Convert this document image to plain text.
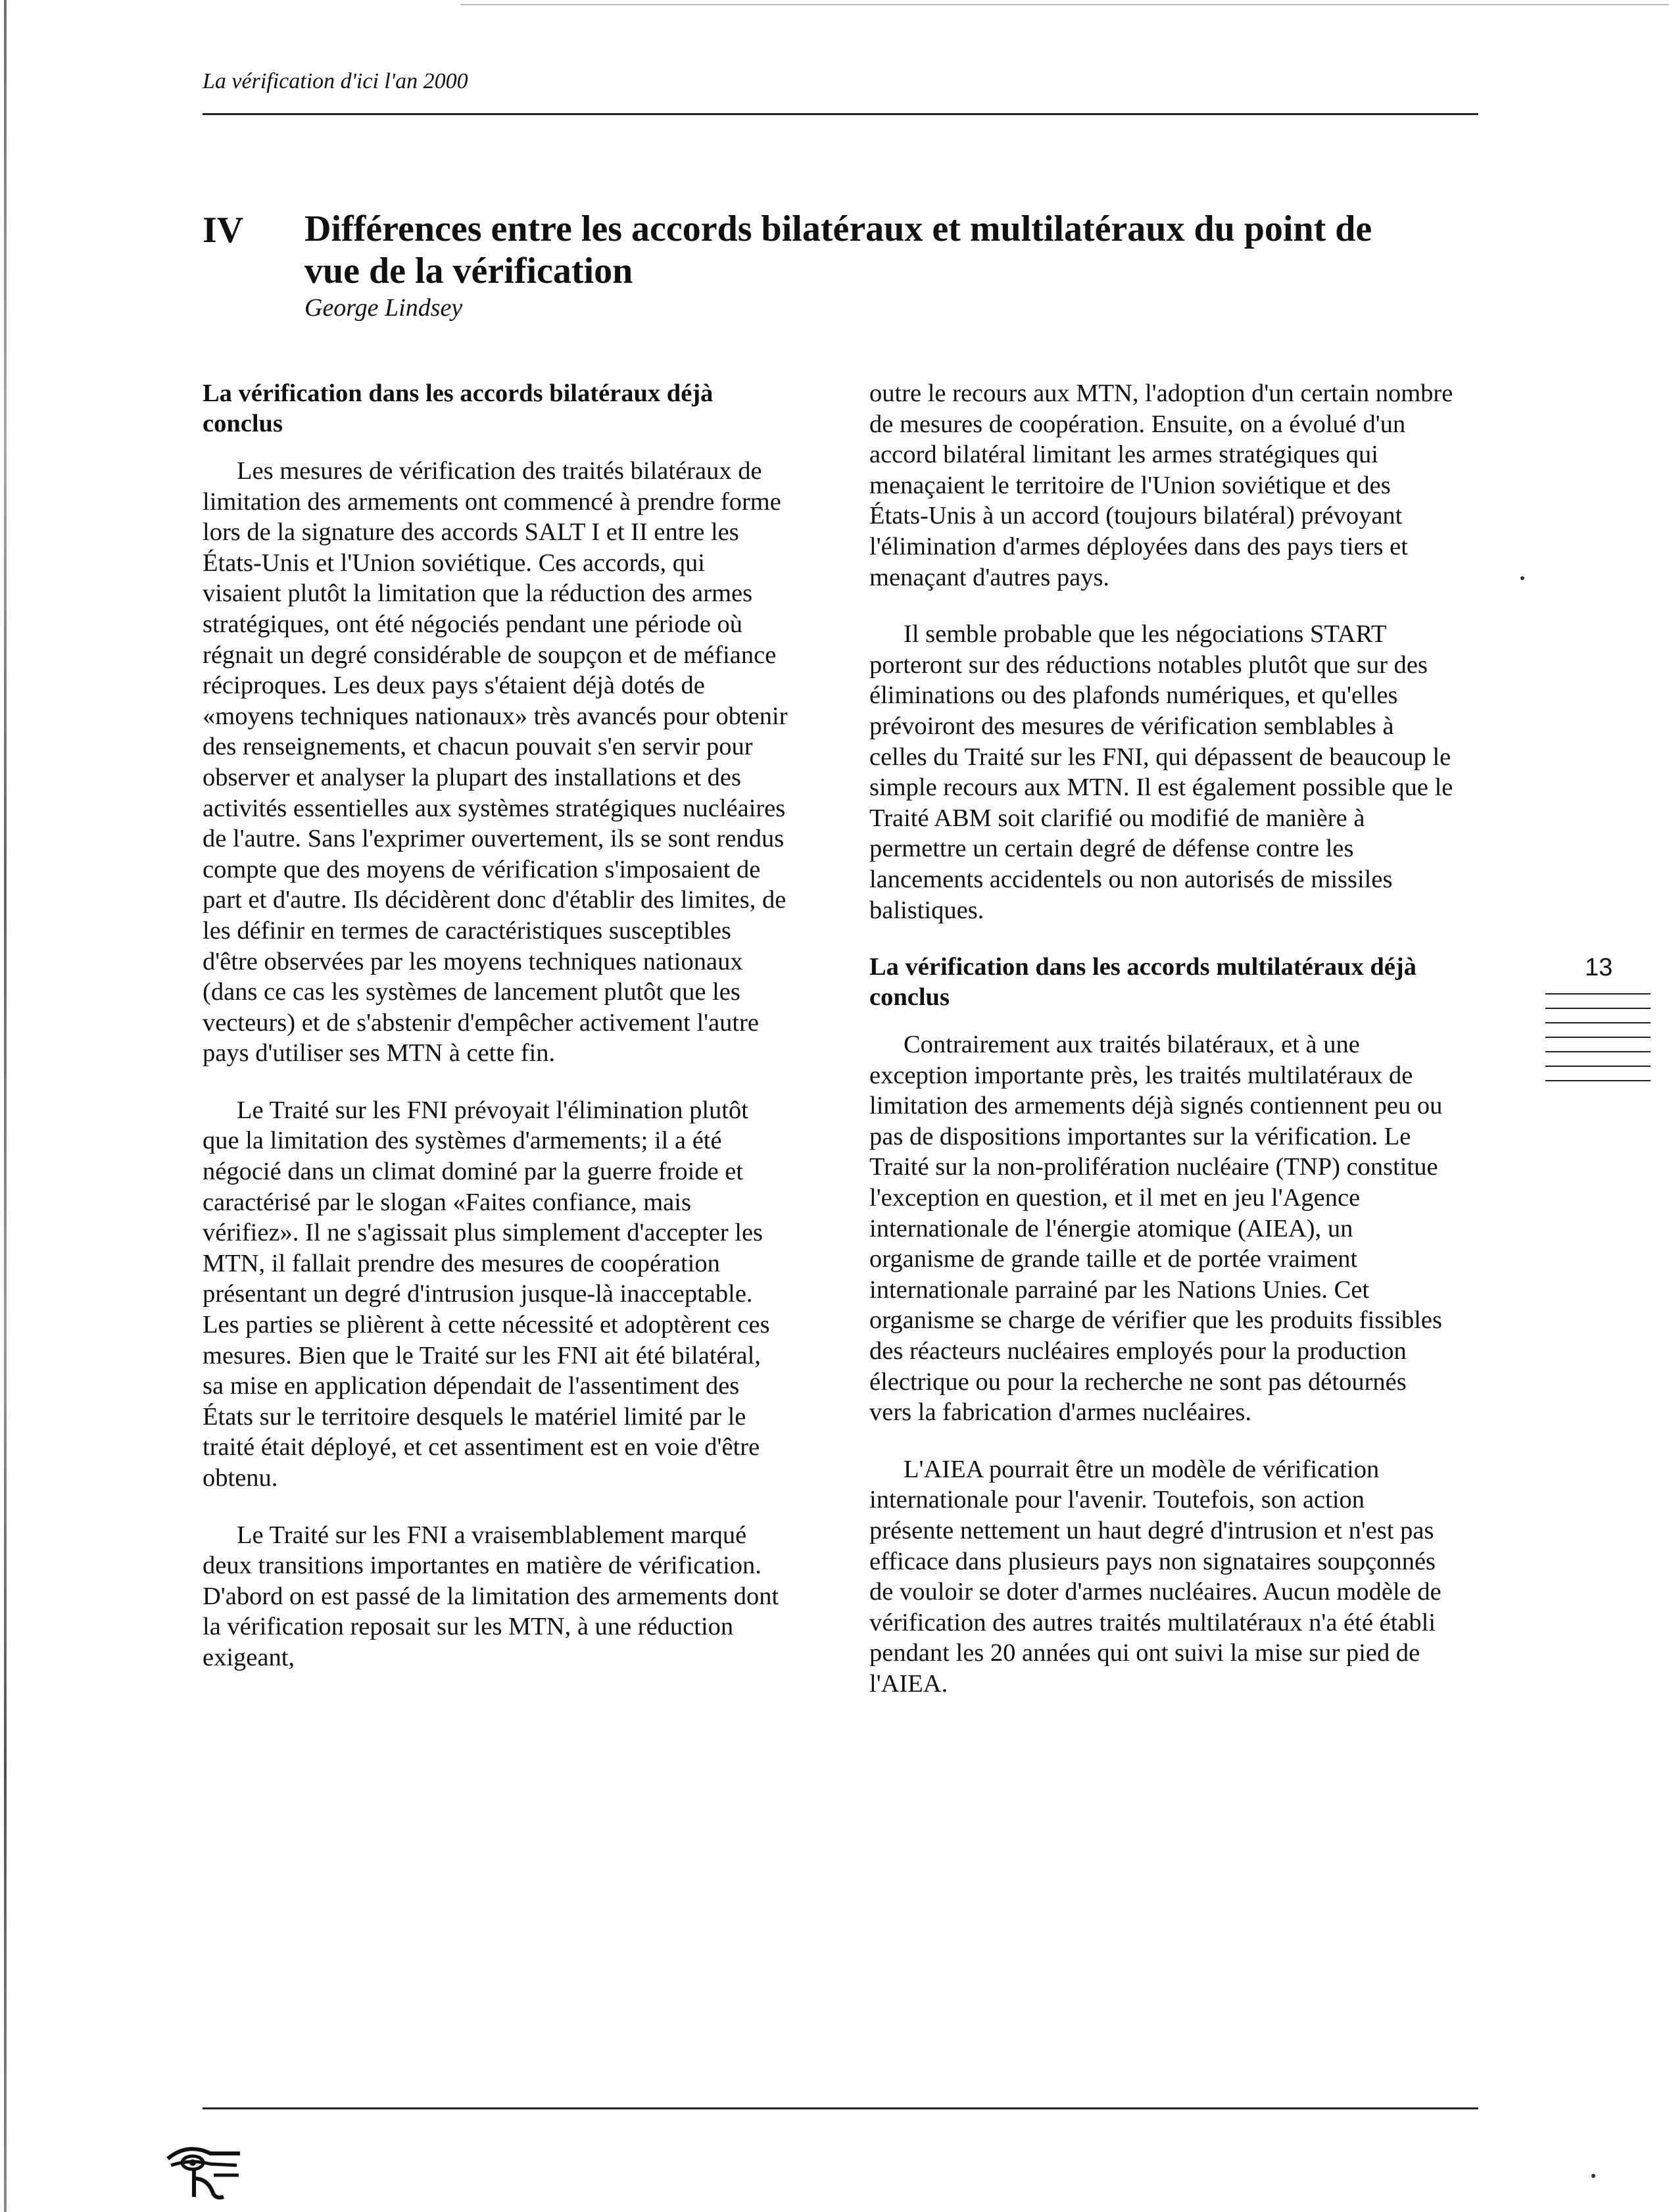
La vérification d'ici l'an 2000
IV Différences entre les accords bilatéraux et multilatéraux du point de vue de la vérification
George Lindsey
La vérification dans les accords bilatéraux déjà conclus

Les mesures de vérification des traités bilatéraux de limitation des armements ont commencé à prendre forme lors de la signature des accords SALT I et II entre les États-Unis et l'Union soviétique. Ces accords, qui visaient plutôt la limitation que la réduction des armes stratégiques, ont été négociés pendant une période où régnait un degré considérable de soupçon et de méfiance réciproques. Les deux pays s'étaient déjà dotés de «moyens techniques nationaux» très avancés pour obtenir des renseignements, et chacun pouvait s'en servir pour observer et analyser la plupart des installations et des activités essentielles aux systèmes stratégiques nucléaires de l'autre. Sans l'exprimer ouvertement, ils se sont rendus compte que des moyens de vérification s'imposaient de part et d'autre. Ils décidèrent donc d'établir des limites, de les définir en termes de caractéristiques susceptibles d'être observées par les moyens techniques nationaux (dans ce cas les systèmes de lancement plutôt que les vecteurs) et de s'abstenir d'empêcher activement l'autre pays d'utiliser ses MTN à cette fin.

Le Traité sur les FNI prévoyait l'élimination plutôt que la limitation des systèmes d'armements; il a été négocié dans un climat dominé par la guerre froide et caractérisé par le slogan «Faites confiance, mais vérifiez». Il ne s'agissait plus simplement d'accepter les MTN, il fallait prendre des mesures de coopération présentant un degré d'intrusion jusque-là inacceptable. Les parties se plièrent à cette nécessité et adoptèrent ces mesures. Bien que le Traité sur les FNI ait été bilatéral, sa mise en application dépendait de l'assentiment des États sur le territoire desquels le matériel limité par le traité était déployé, et cet assentiment est en voie d'être obtenu.

Le Traité sur les FNI a vraisemblablement marqué deux transitions importantes en matière de vérification. D'abord on est passé de la limitation des armements dont la vérification reposait sur les MTN, à une réduction exigeant,

outre le recours aux MTN, l'adoption d'un certain nombre de mesures de coopération. Ensuite, on a évolué d'un accord bilatéral limitant les armes stratégiques qui menaçaient le territoire de l'Union soviétique et des États-Unis à un accord (toujours bilatéral) prévoyant l'élimination d'armes déployées dans des pays tiers et menaçant d'autres pays.

Il semble probable que les négociations START porteront sur des réductions notables plutôt que sur des éliminations ou des plafonds numériques, et qu'elles prévoiront des mesures de vérification semblables à celles du Traité sur les FNI, qui dépassent de beaucoup le simple recours aux MTN. Il est également possible que le Traité ABM soit clarifié ou modifié de manière à permettre un certain degré de défense contre les lancements accidentels ou non autorisés de missiles balistiques.

La vérification dans les accords multilatéraux déjà conclus

Contrairement aux traités bilatéraux, et à une exception importante près, les traités multilatéraux de limitation des armements déjà signés contiennent peu ou pas de dispositions importantes sur la vérification. Le Traité sur la non-prolifération nucléaire (TNP) constitue l'exception en question, et il met en jeu l'Agence internationale de l'énergie atomique (AIEA), un organisme de grande taille et de portée vraiment internationale parrainé par les Nations Unies. Cet organisme se charge de vérifier que les produits fissibles des réacteurs nucléaires employés pour la production électrique ou pour la recherche ne sont pas détournés vers la fabrication d'armes nucléaires.

L'AIEA pourrait être un modèle de vérification internationale pour l'avenir. Toutefois, son action présente nettement un haut degré d'intrusion et n'est pas efficace dans plusieurs pays non signataires soupçonnés de vouloir se doter d'armes nucléaires. Aucun modèle de vérification des autres traités multilatéraux n'a été établi pendant les 20 années qui ont suivi la mise sur pied de l'AIEA.

13
